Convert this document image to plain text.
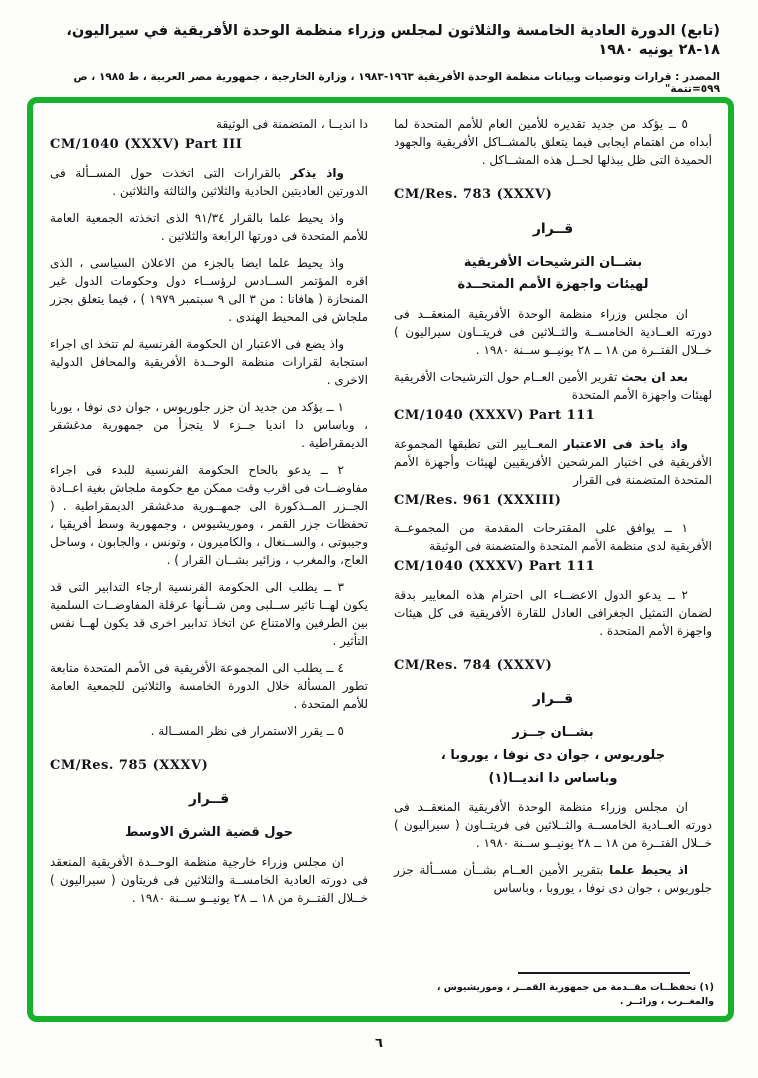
(تابع) الدورة العادية الخامسة والثلاثون لمجلس وزراء منظمة الوحدة الأفريقية في سيراليون، ١٨-٢٨ يونيه ١٩٨٠
المصدر : قرارات وتوصيات وبيانات منظمة الوحدة الأفريقية ١٩٦٣-١٩٨٣ ، وزارة الخارجية ، جمهورية مصر العربية ، ط ١٩٨٥ ، ص ٥٩٩=تتمة"

٥ ــ يؤكد من جديد تقديره للأمين العام للأمم المتحدة لما أبداه من اهتمام ايجابى فيما يتعلق بالمشــاكل الأفريقية والجهود الحميدة التى ظل يبذلها لحــل هذه المشــاكل .

CM/Res. 783 (XXXV)
قــرار
بشــان الترشيحات الأفريقية
لهيئات واجهزة الأمم المتحــدة

ان مجلس وزراء منظمة الوحدة الأفريقية المنعقــد فى دورته العــادية الخامســة والثــلاثين فى فريتــاون سيراليون ) خــلال الفتــرة من ١٨ ــ ٢٨ يونيــو ســنة ١٩٨٠ .

بعد ان بحث تقرير الأمين العــام حول الترشيحات الأفريقية لهيئات واجهزة الأمم المتحدة

CM/1040 (XXXV) Part 111

واذ ياخذ فى الاعتبار المعــايير التى تطبقها المجموعة الأفريقية فى اختيار المرشحين الأفريقيين لهيئات وأجهزة الأمم المتحدة المتضمنة فى القرار

CM/Res. 961 (XXXIII)

١ ــ يوافق على المقترحات المقدمة من المجموعــة الأفريقية لدى منظمة الأمم المتحدة والمتضمنة فى الوثيقة

CM/1040 (XXXV) Part 111

٢ ــ يدعو الدول الاعضــاء الى احترام هذه المعايير بدقة لضمان التمثيل الجغرافى العادل للقارة الأفريقية فى كل هيئات واجهزة الأمم المتحدة .

CM/Res. 784 (XXXV)
قــرار
بشــان جــزر
جلوريوس ، جوان دى نوفا ، يوروبا ،
وباساس دا انديــا(١)

ان مجلس وزراء منظمة الوحدة الأفريقية المنعقــد فى دورته العــادية الخامســة والثــلاثين فى فريتــاون ( سيراليون ) خــلال الفتــرة من ١٨ ــ ٢٨ يونيــو ســنة ١٩٨٠ .

اذ يحيط علما بتقرير الأمين العــام بشــأن مســألة جزر جلوريوس ، جوان دى نوفا ، يوروبا ، وباساس

دا انديــا ، المتضمنة فى الوثيقة

CM/1040 (XXXV) Part III

واذ يذكر بالقرارات التى اتخذت حول المســألة فى الدورتين العاديتين الحادية والثلاثين والثالثة والثلاثين .

واذ يحيط علما بالقرار ٩١/٣٤ الذى اتخذته الجمعية العامة للأمم المتحدة فى دورتها الرابعة والثلاثين .

واذ يحيط علما ايضا بالجزء من الاعلان السياسى ، الذى اقره المؤتمر الســادس لرؤســاء دول وحكومات الدول غير المنحازة ( هافانا : من ٣ الى ٩ سبتمبر ١٩٧٩ ) ، فيما يتعلق بجزر ملجاش فى المحيط الهندى .

واذ يضع فى الاعتبار ان الحكومة الفرنسية لم تتخذ اى اجراء استجابة لقرارات منظمة الوحــدة الأفريقية والمحافل الدولية الاخرى .

١ ــ يؤكد من جديد ان جزر جلوريوس ، جوان دى نوفا ، يوربا ، وباساس دا انديا جــزء لا يتجزأ من جمهورية مدغشقر الديمقراطية .

٢ ــ يدعو بالحاح الحكومة الفرنسية للبدء فى اجراء مفاوضــات فى اقرب وقت ممكن مع حكومة ملجاش بغية اعــادة الجــزر المــذكورة الى جمهــورية مدغشقر الديمقراطية . ( تحفظات جزر القمر ، وموريشيوس ، وجمهورية وسط أفريقيا ، وجيبوتى ، والســنغال ، والكاميرون ، وتونس ، والجابون ، وساحل العاج، والمغرب ، وزائير بشــان القرار ) .

٣ ــ يطلب الى الحكومة الفرنسية ارجاء التدابير التى قد يكون لهــا تاثير ســلبى ومن شــأنها عرقلة المفاوضــات السلمية بين الطرفين والامتناع عن اتخاذ تدابير اخرى قد يكون لهــا نفس التأثير .

٤ ــ يطلب الى المجموعة الأفريقية فى الأمم المتحدة متابعة تطور المسألة خلال الدورة الخامسة والثلاثين للجمعية العامة للأمم المتحدة .

٥ ــ يقرر الاستمرار فى نظر المســالة .

CM/Res. 785 (XXXV)
قــرار
حول قضية الشرق الاوسط

ان مجلس وزراء خارجية منظمة الوحــدة الأفريقية المنعقد فى دورته العادية الخامســة والثلاثين فى فريتاون ( سيراليون ) خــلال الفتــرة من ١٨ ــ ٢٨ يونيــو ســنة ١٩٨٠ .

(١) تحفظــات مقــدمة من جمهورية القمــر ، وموريشيوس ، والمغــرب ، وزائــر .
٦
